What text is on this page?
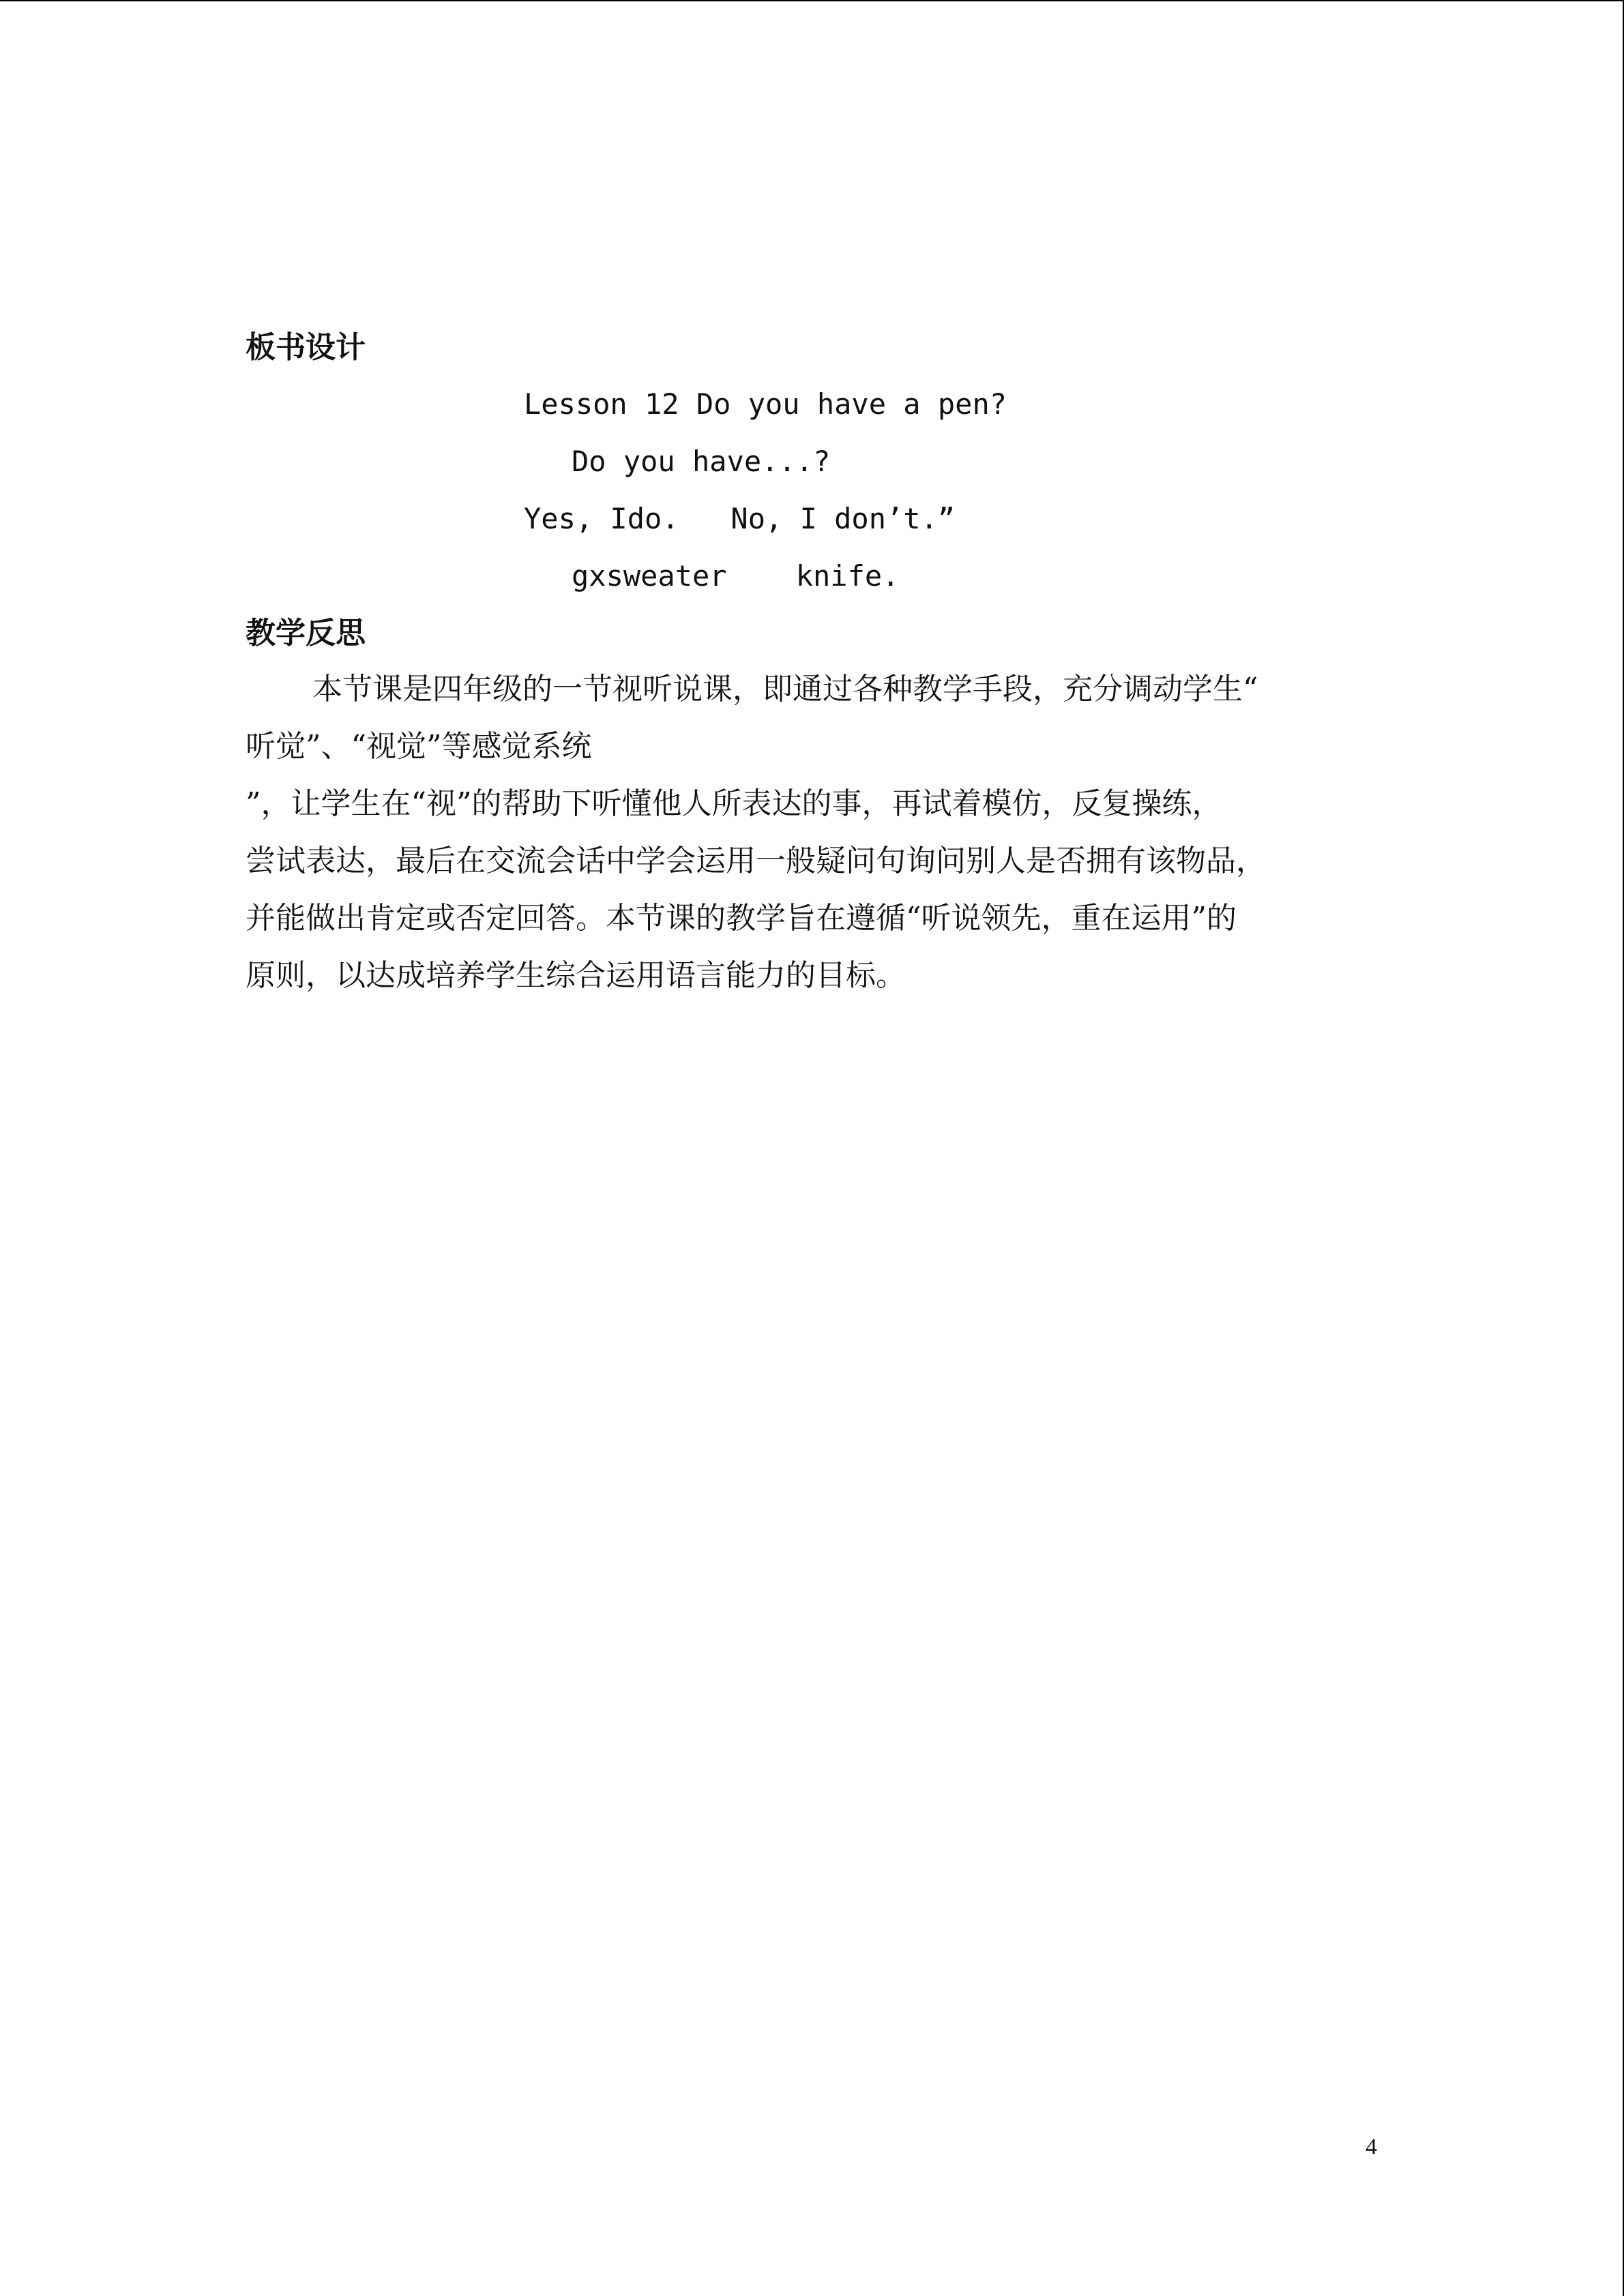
板书设计
Lesson 12 Do you have a pen?
Do you have...?
Yes, Ido.   No, I don’t.”
gxsweater    knife.
教学反思
本节课是四年级的一节视听说课，即通过各种教学手段，充分调动学生“
听觉”、“视觉”等感觉系统
”，让学生在“视”的帮助下听懂他人所表达的事，再试着模仿，反复操练，
尝试表达，最后在交流会话中学会运用一般疑问句询问别人是否拥有该物品，
并能做出肯定或否定回答。本节课的教学旨在遵循“听说领先，重在运用”的
原则，以达成培养学生综合运用语言能力的目标。
4
